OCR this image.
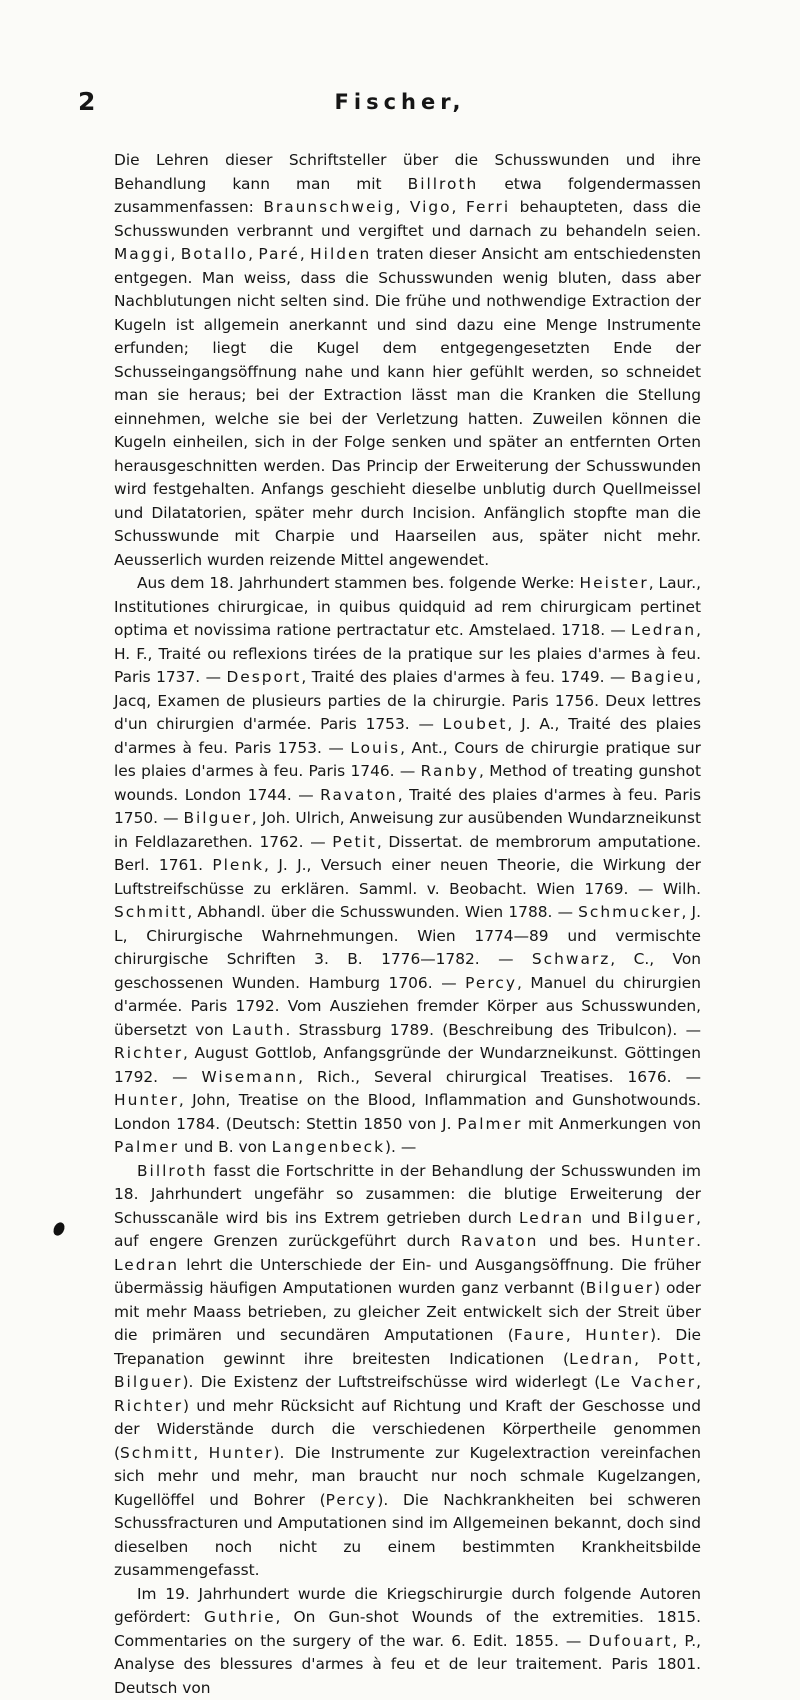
2	Fischer,

Die Lehren dieser Schriftsteller über die Schusswunden und ihre Behandlung kann man mit Billroth etwa folgendermassen zusammenfassen: Braunschweig, Vigo, Ferri behaupteten, dass die Schusswunden verbrannt und vergiftet und darnach zu behandeln seien. Maggi, Botallo, Paré, Hilden traten dieser Ansicht am entschiedensten entgegen. Man weiss, dass die Schusswunden wenig bluten, dass aber Nachblutungen nicht selten sind. Die frühe und nothwendige Extraction der Kugeln ist allgemein anerkannt und sind dazu eine Menge Instrumente erfunden; liegt die Kugel dem entgegengesetzten Ende der Schusseingangsöffnung nahe und kann hier gefühlt werden, so schneidet man sie heraus; bei der Extraction lässt man die Kranken die Stellung einnehmen, welche sie bei der Verletzung hatten. Zuweilen können die Kugeln einheilen, sich in der Folge senken und später an entfernten Orten herausgeschnitten werden. Das Princip der Erweiterung der Schusswunden wird festgehalten. Anfangs geschieht dieselbe unblutig durch Quellmeissel und Dilatatorien, später mehr durch Incision. Anfänglich stopfte man die Schusswunde mit Charpie und Haarseilen aus, später nicht mehr. Aeusserlich wurden reizende Mittel angewendet.

Aus dem 18. Jahrhundert stammen bes. folgende Werke: Heister, Laur., Institutiones chirurgicae, in quibus quidquid ad rem chirurgicam pertinet optima et novissima ratione pertractatur etc. Amstelaed. 1718. — Ledran, H. F., Traité ou reflexions tirées de la pratique sur les plaies d'armes à feu. Paris 1737. — Desport, Traité des plaies d'armes à feu. 1749. — Bagieu, Jacq, Examen de plusieurs parties de la chirurgie. Paris 1756. Deux lettres d'un chirurgien d'armée. Paris 1753. — Loubet, J. A., Traité des plaies d'armes à feu. Paris 1753. — Louis, Ant., Cours de chirurgie pratique sur les plaies d'armes à feu. Paris 1746. — Ranby, Method of treating gunshot wounds. London 1744. — Ravaton, Traité des plaies d'armes à feu. Paris 1750. — Bilguer, Joh. Ulrich, Anweisung zur ausübenden Wundarzneikunst in Feldlazarethen. 1762. — Petit, Dissertat. de membrorum amputatione. Berl. 1761. Plenk, J. J., Versuch einer neuen Theorie, die Wirkung der Luftstreifschüsse zu erklären. Samml. v. Beobacht. Wien 1769. — Wilh. Schmitt, Abhandl. über die Schusswunden. Wien 1788. — Schmucker, J. L, Chirurgische Wahrnehmungen. Wien 1774—89 und vermischte chirurgische Schriften 3. B. 1776—1782. — Schwarz, C., Von geschossenen Wunden. Hamburg 1706. — Percy, Manuel du chirurgien d'armée. Paris 1792. Vom Ausziehen fremder Körper aus Schusswunden, übersetzt von Lauth. Strassburg 1789. (Beschreibung des Tribulcon). — Richter, August Gottlob, Anfangsgründe der Wundarzneikunst. Göttingen 1792. — Wisemann, Rich., Several chirurgical Treatises. 1676. — Hunter, John, Treatise on the Blood, Inflammation and Gunshotwounds. London 1784. (Deutsch: Stettin 1850 von J. Palmer mit Anmerkungen von Palmer und B. von Langenbeck). —

Billroth fasst die Fortschritte in der Behandlung der Schusswunden im 18. Jahrhundert ungefähr so zusammen: die blutige Erweiterung der Schusscanäle wird bis ins Extrem getrieben durch Ledran und Bilguer, auf engere Grenzen zurückgeführt durch Ravaton und bes. Hunter. Ledran lehrt die Unterschiede der Ein- und Ausgangsöffnung. Die früher übermässig häufigen Amputationen wurden ganz verbannt (Bilguer) oder mit mehr Maass betrieben, zu gleicher Zeit entwickelt sich der Streit über die primären und secundären Amputationen (Faure, Hunter). Die Trepanation gewinnt ihre breitesten Indicationen (Ledran, Pott, Bilguer). Die Existenz der Luftstreifschüsse wird widerlegt (Le Vacher, Richter) und mehr Rücksicht auf Richtung und Kraft der Geschosse und der Widerstände durch die verschiedenen Körpertheile genommen (Schmitt, Hunter). Die Instrumente zur Kugelextraction vereinfachen sich mehr und mehr, man braucht nur noch schmale Kugelzangen, Kugellöffel und Bohrer (Percy). Die Nachkrankheiten bei schweren Schussfracturen und Amputationen sind im Allgemeinen bekannt, doch sind dieselben noch nicht zu einem bestimmten Krankheitsbilde zusammengefasst.

Im 19. Jahrhundert wurde die Kriegschirurgie durch folgende Autoren gefördert: Guthrie, On Gun-shot Wounds of the extremities. 1815. Commentaries on the surgery of the war. 6. Edit. 1855. — Dufouart, P., Analyse des blessures d'armes à feu et de leur traitement. Paris 1801. Deutsch von
